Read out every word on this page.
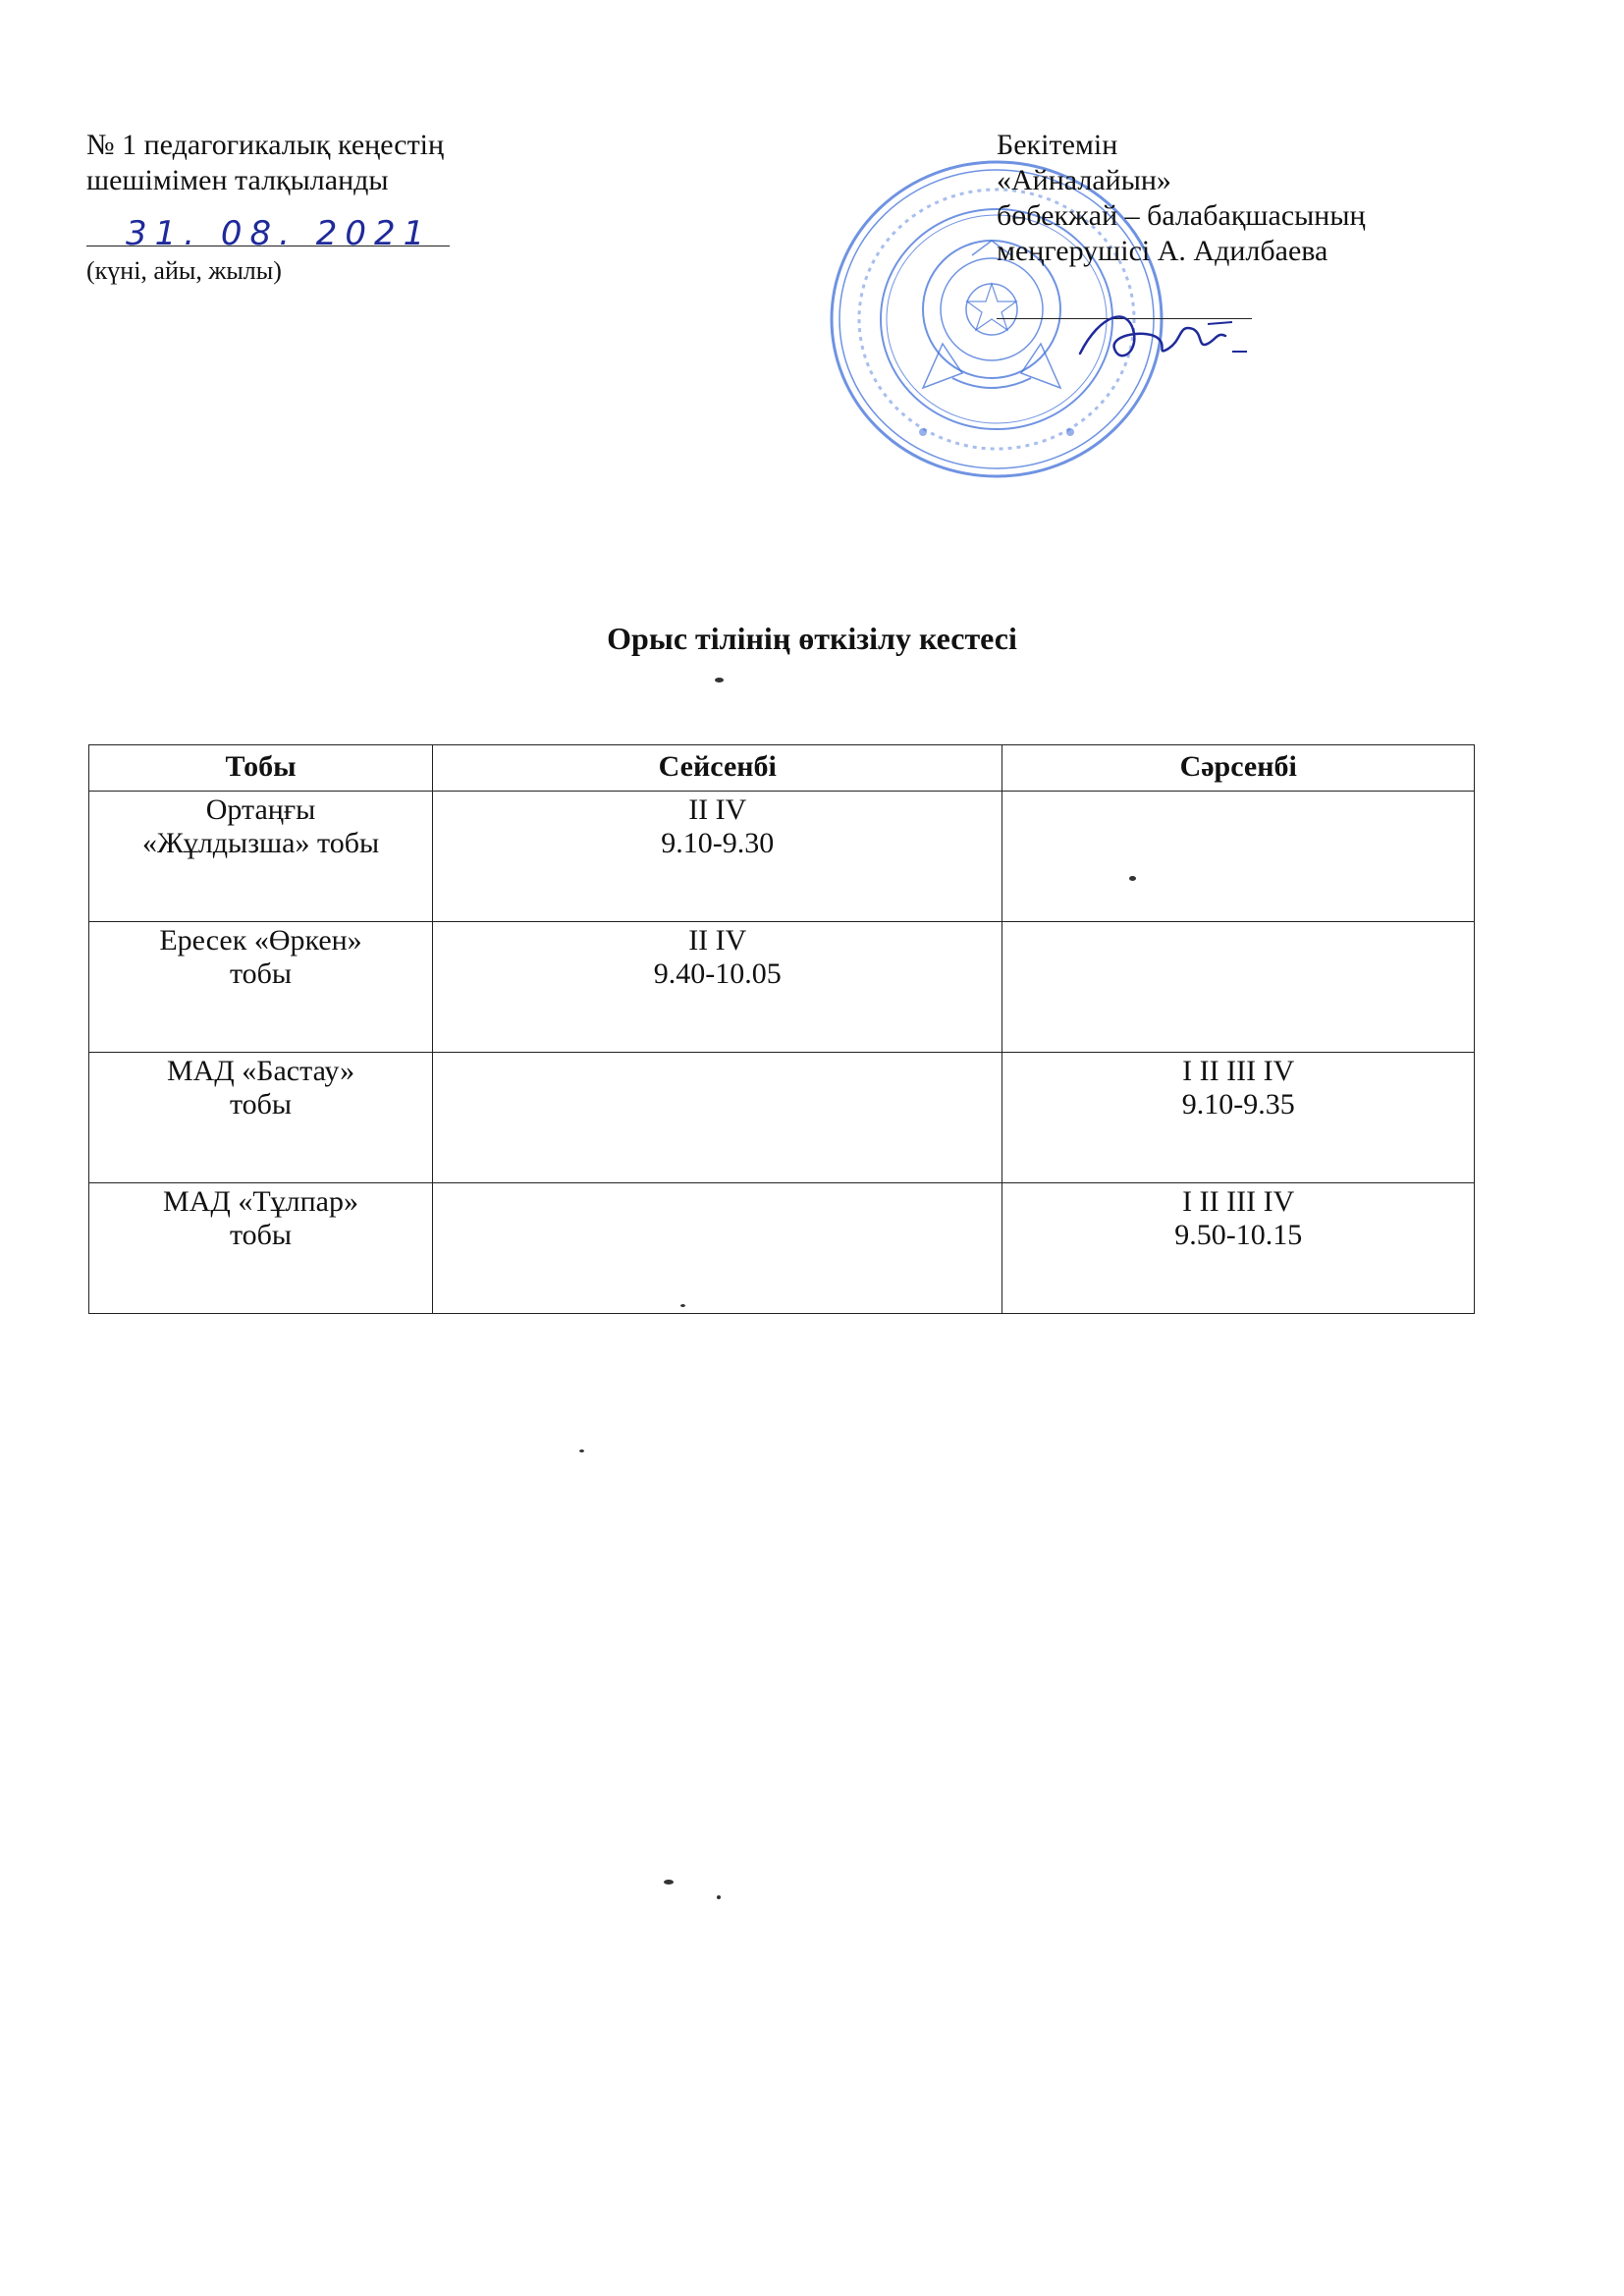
№ 1 педагогикалық кеңестің
шешімімен талқыланды
31. 08. 2021
(күні, айы, жылы)
Бекітемін
«Айналайын»
бөбекжай – балабақшасының
меңгерушісі А. Адилбаева
Орыс тілінің өткізілу кестесі
Тобы	Сейсенбі	Сәрсенбі

Ортаңғы
«Жұлдызша» тобы	II IV
9.10-9.30	

Ересек «Өркен»
тобы	II IV
9.40-10.05	

МАД «Бастау»
тобы		I II III IV
9.10-9.35

МАД «Тұлпар»
тобы		I II III IV
9.50-10.15
